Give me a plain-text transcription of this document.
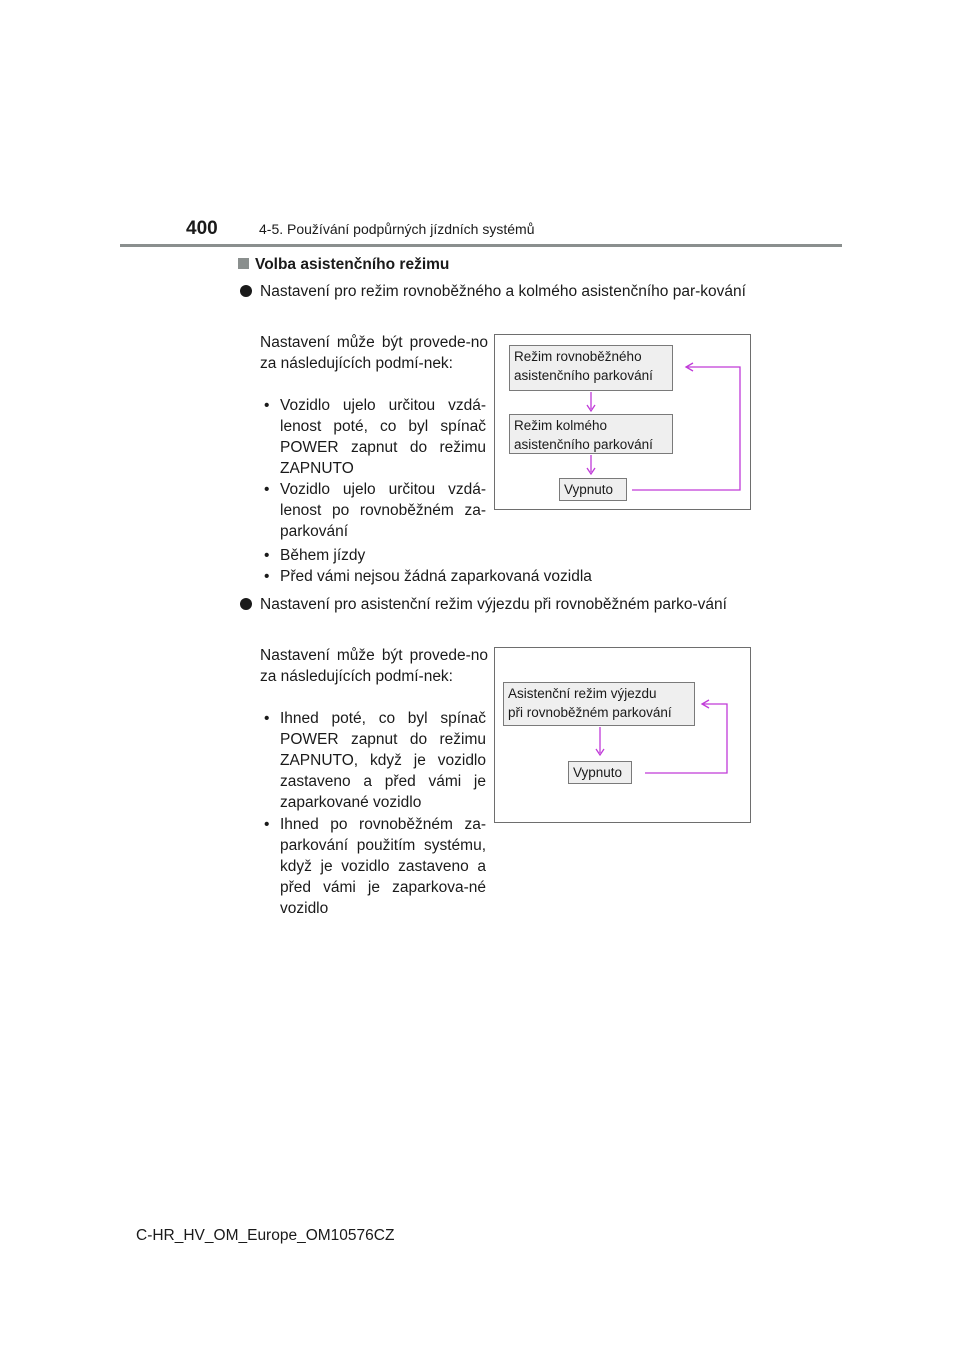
400	4-5. Používání podpůrných jízdních systémů
Volba asistenčního režimu
Nastavení pro režim rovnoběžného a kolmého asistenčního par-kování
Nastavení může být provede-no za následujících podmí-nek:
• Vozidlo ujelo určitou vzdá-lenost poté, co byl spínač POWER zapnut do režimu ZAPNUTO
• Vozidlo ujelo určitou vzdá-lenost po rovnoběžném za-parkování
• Během jízdy
• Před vámi nejsou žádná zaparkovaná vozidla
Režim rovnoběžného
asistenčního parkování
Režim kolmého
asistenčního parkování
Vypnuto
Nastavení pro asistenční režim výjezdu při rovnoběžném parko-vání
Nastavení může být provede-no za následujících podmí-nek:
• Ihned poté, co byl spínač POWER zapnut do režimu ZAPNUTO, když je vozidlo zastaveno a před vámi je zaparkované vozidlo
• Ihned po rovnoběžném za-parkování použitím systému, když je vozidlo zastaveno a před vámi je zaparkova-né vozidlo
Asistenční režim výjezdu
při rovnoběžném parkování
Vypnuto
C-HR_HV_OM_Europe_OM10576CZ
